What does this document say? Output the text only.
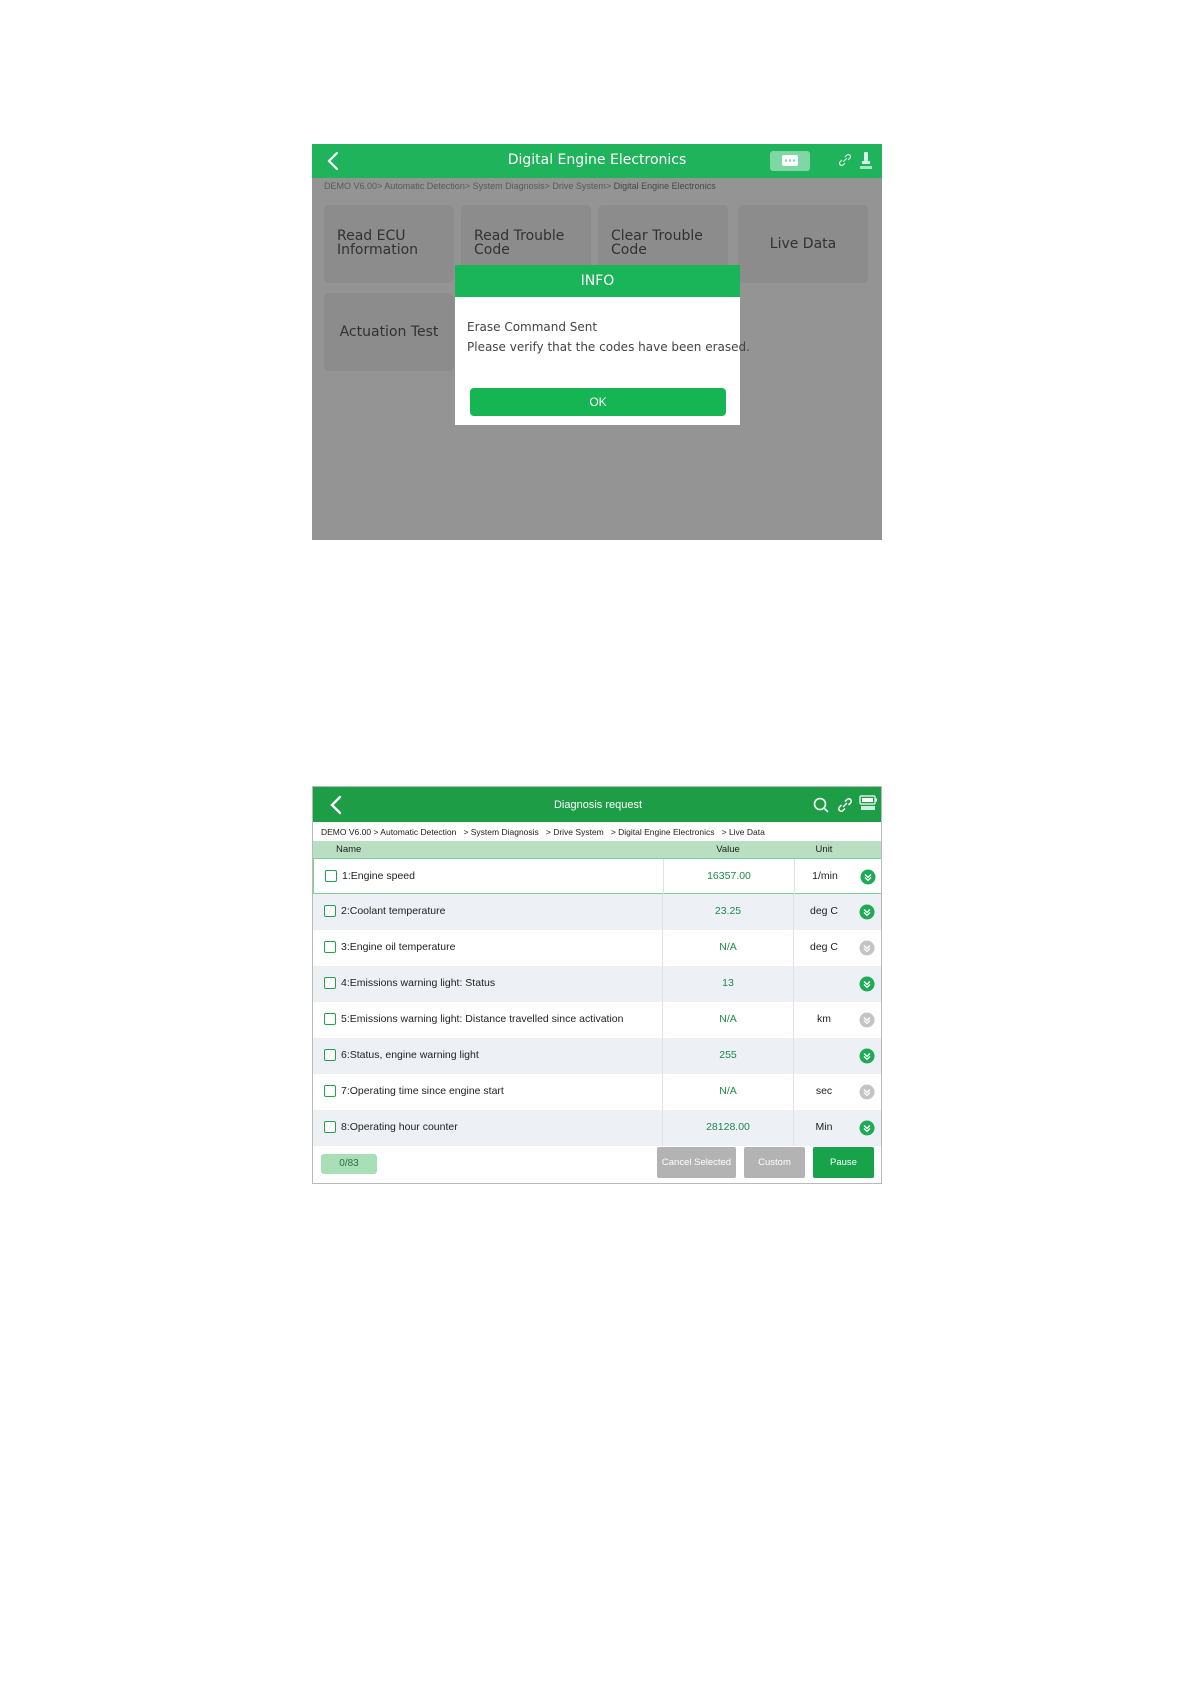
Digital Engine Electronics
DEMO V6.00> Automatic Detection> System Diagnosis> Drive System> Digital Engine Electronics
Read ECU Information
Read Trouble Code
Clear Trouble Code	Live Data
Actuation Test
INFO
Erase Command Sent
Please verify that the codes have been erased.
OK
Diagnosis request
DEMO V6.00 > Automatic Detection   > System Diagnosis   > Drive System   > Digital Engine Electronics   > Live Data
Name	Value	Unit
1:Engine speed	16357.00	1/min
2:Coolant temperature	23.25	deg C
3:Engine oil temperature	N/A	deg C
4:Emissions warning light: Status	13
5:Emissions warning light: Distance travelled since activation	N/A	km
6:Status, engine warning light	255
7:Operating time since engine start	N/A	sec
8:Operating hour counter	28128.00	Min
0/83	Cancel Selected	Custom	Pause
